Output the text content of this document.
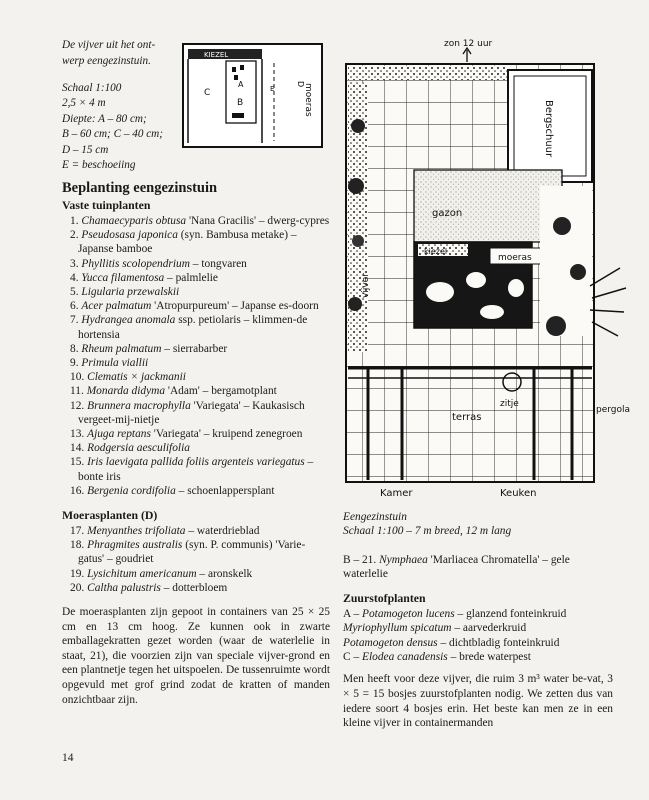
De vijver uit het ont-

werp eengezinstuin.

Schaal 1:100

2,5 × 4 m

Diepte: A – 80 cm;

B – 60 cm; C – 40 cm;

D – 15 cm

E = beschoeiing

KIEZEL
C
A
B
E
D
moeras
Beplanting eengezinstuin
Vaste tuinplanten
1. Chamaecyparis obtusa 'Nana Gracilis' – dwerg-cypres
2. Pseudosasa japonica (syn. Bambusa metake) – Japanse bamboe
3. Phyllitis scolopendrium – tongvaren
4. Yucca filamentosa – palmlelie
5. Ligularia przewalskii
6. Acer palmatum 'Atropurpureum' – Japanse es-doorn
7. Hydrangea anomala ssp. petiolaris – klimmen-de hortensia
8. Rheum palmatum – sierrabarber
9. Primula viallii
10. Clematis × jackmanii
11. Monarda didyma 'Adam' – bergamotplant
12. Brunnera macrophylla 'Variegata' – Kaukasisch vergeet-mij-nietje
13. Ajuga reptans 'Variegata' – kruipend zenegroen
14. Rodgersia aesculifolia
15. Iris laevigata pallida foliis argenteis variegatus – bonte iris
16. Bergenia cordifolia – schoenlappersplant
Moerasplanten (D)
17. Menyanthes trifoliata – waterdrieblad
18. Phragmites australis (syn. P. communis) 'Varie-gatus' – goudriet
19. Lysichitum americanum – aronskelk
20. Caltha palustris – dotterbloem

De moerasplanten zijn gepoot in containers van 25 × 25 cm en 13 cm hoog. Ze kunnen ook in zwarte emballagekratten gezet worden (waar de waterlelie in staat, 21), die voorzien zijn van speciale vijver-grond en een plantnetje tegen het uitspoelen. De tussenruimte wordt opgevuld met grof grind zodat de kratten of manden onzichtbaar zijn.

14
zon 12 uur
Bergschuur
gazon
kiezel
moeras
vijver
terras
zitje
pergola
Kamer	Keuken

Eengezinstuin

Schaal 1:100 – 7 m breed, 12 m lang

B – 21. Nymphaea 'Marliacea Chromatella' – gele waterlelie

Zuurstofplanten

A – Potamogeton lucens – glanzend fonteinkruid

Myriophyllum spicatum – aarvederkruid

Potamogeton densus – dichtbladig fonteinkruid

C – Elodea canadensis – brede waterpest

Men heeft voor deze vijver, die ruim 3 m³ water be-vat, 3 × 5 = 15 bosjes zuurstofplanten nodig. We zetten dus van iedere soort 4 bosjes erin. Het beste kan men ze in een kleine vijver in containermanden
